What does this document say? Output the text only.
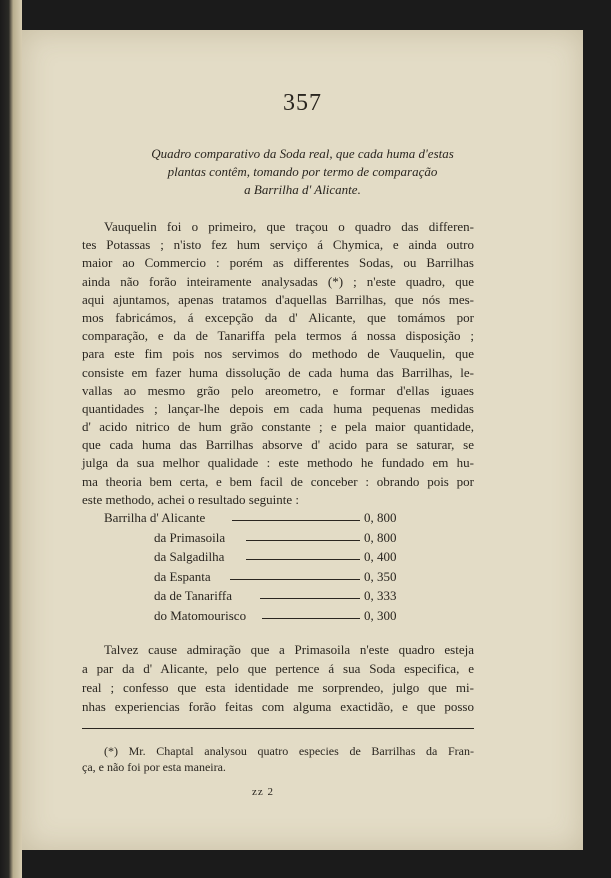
357
Quadro comparativo da Soda real, que cada huma d'estas
plantas contêm, tomando por termo de comparação
a Barrilha d' Alicante.
Vauquelin foi o primeiro, que traçou o quadro das differen-
tes Potassas ; n'isto fez hum serviço á Chymica, e ainda outro
maior ao Commercio : porém as differentes Sodas, ou Barrilhas
ainda não forão inteiramente analysadas (*) ; n'este quadro, que
aqui ajuntamos, apenas tratamos d'aquellas Barrilhas, que nós mes-
mos fabricámos, á excepção da d' Alicante, que tomámos por
comparação, e da de Tanariffa pela termos á nossa disposição ;
para este fim pois nos servimos do methodo de Vauquelin, que
consiste em fazer huma dissolução de cada huma das Barrilhas, le-
vallas ao mesmo grão pelo areometro, e formar d'ellas iguaes
quantidades ; lançar-lhe depois em cada huma pequenas medidas
d' acido nitrico de hum grão constante ; e pela maior quantidade,
que cada huma das Barrilhas absorve d' acido para se saturar, se
julga da sua melhor qualidade : este methodo he fundado em hu-
ma theoria bem certa, e bem facil de conceber : obrando pois por
este methodo, achei o resultado seguinte :
Barrilha d' Alicante	0, 800
da Primasoila	0, 800
da Salgadilha	0, 400
da Espanta	0, 350
da de Tanariffa	0, 333
do Matomourisco	0, 300
Talvez cause admiração que a Primasoila n'este quadro esteja
a par da d' Alicante, pelo que pertence á sua Soda especifica, e
real ; confesso que esta identidade me sorprendeo, julgo que mi-
nhas experiencias forão feitas com alguma exactidão, e que posso
(*) Mr. Chaptal analysou quatro especies de Barrilhas da Fran-
ça, e não foi por esta maneira.
zz 2
